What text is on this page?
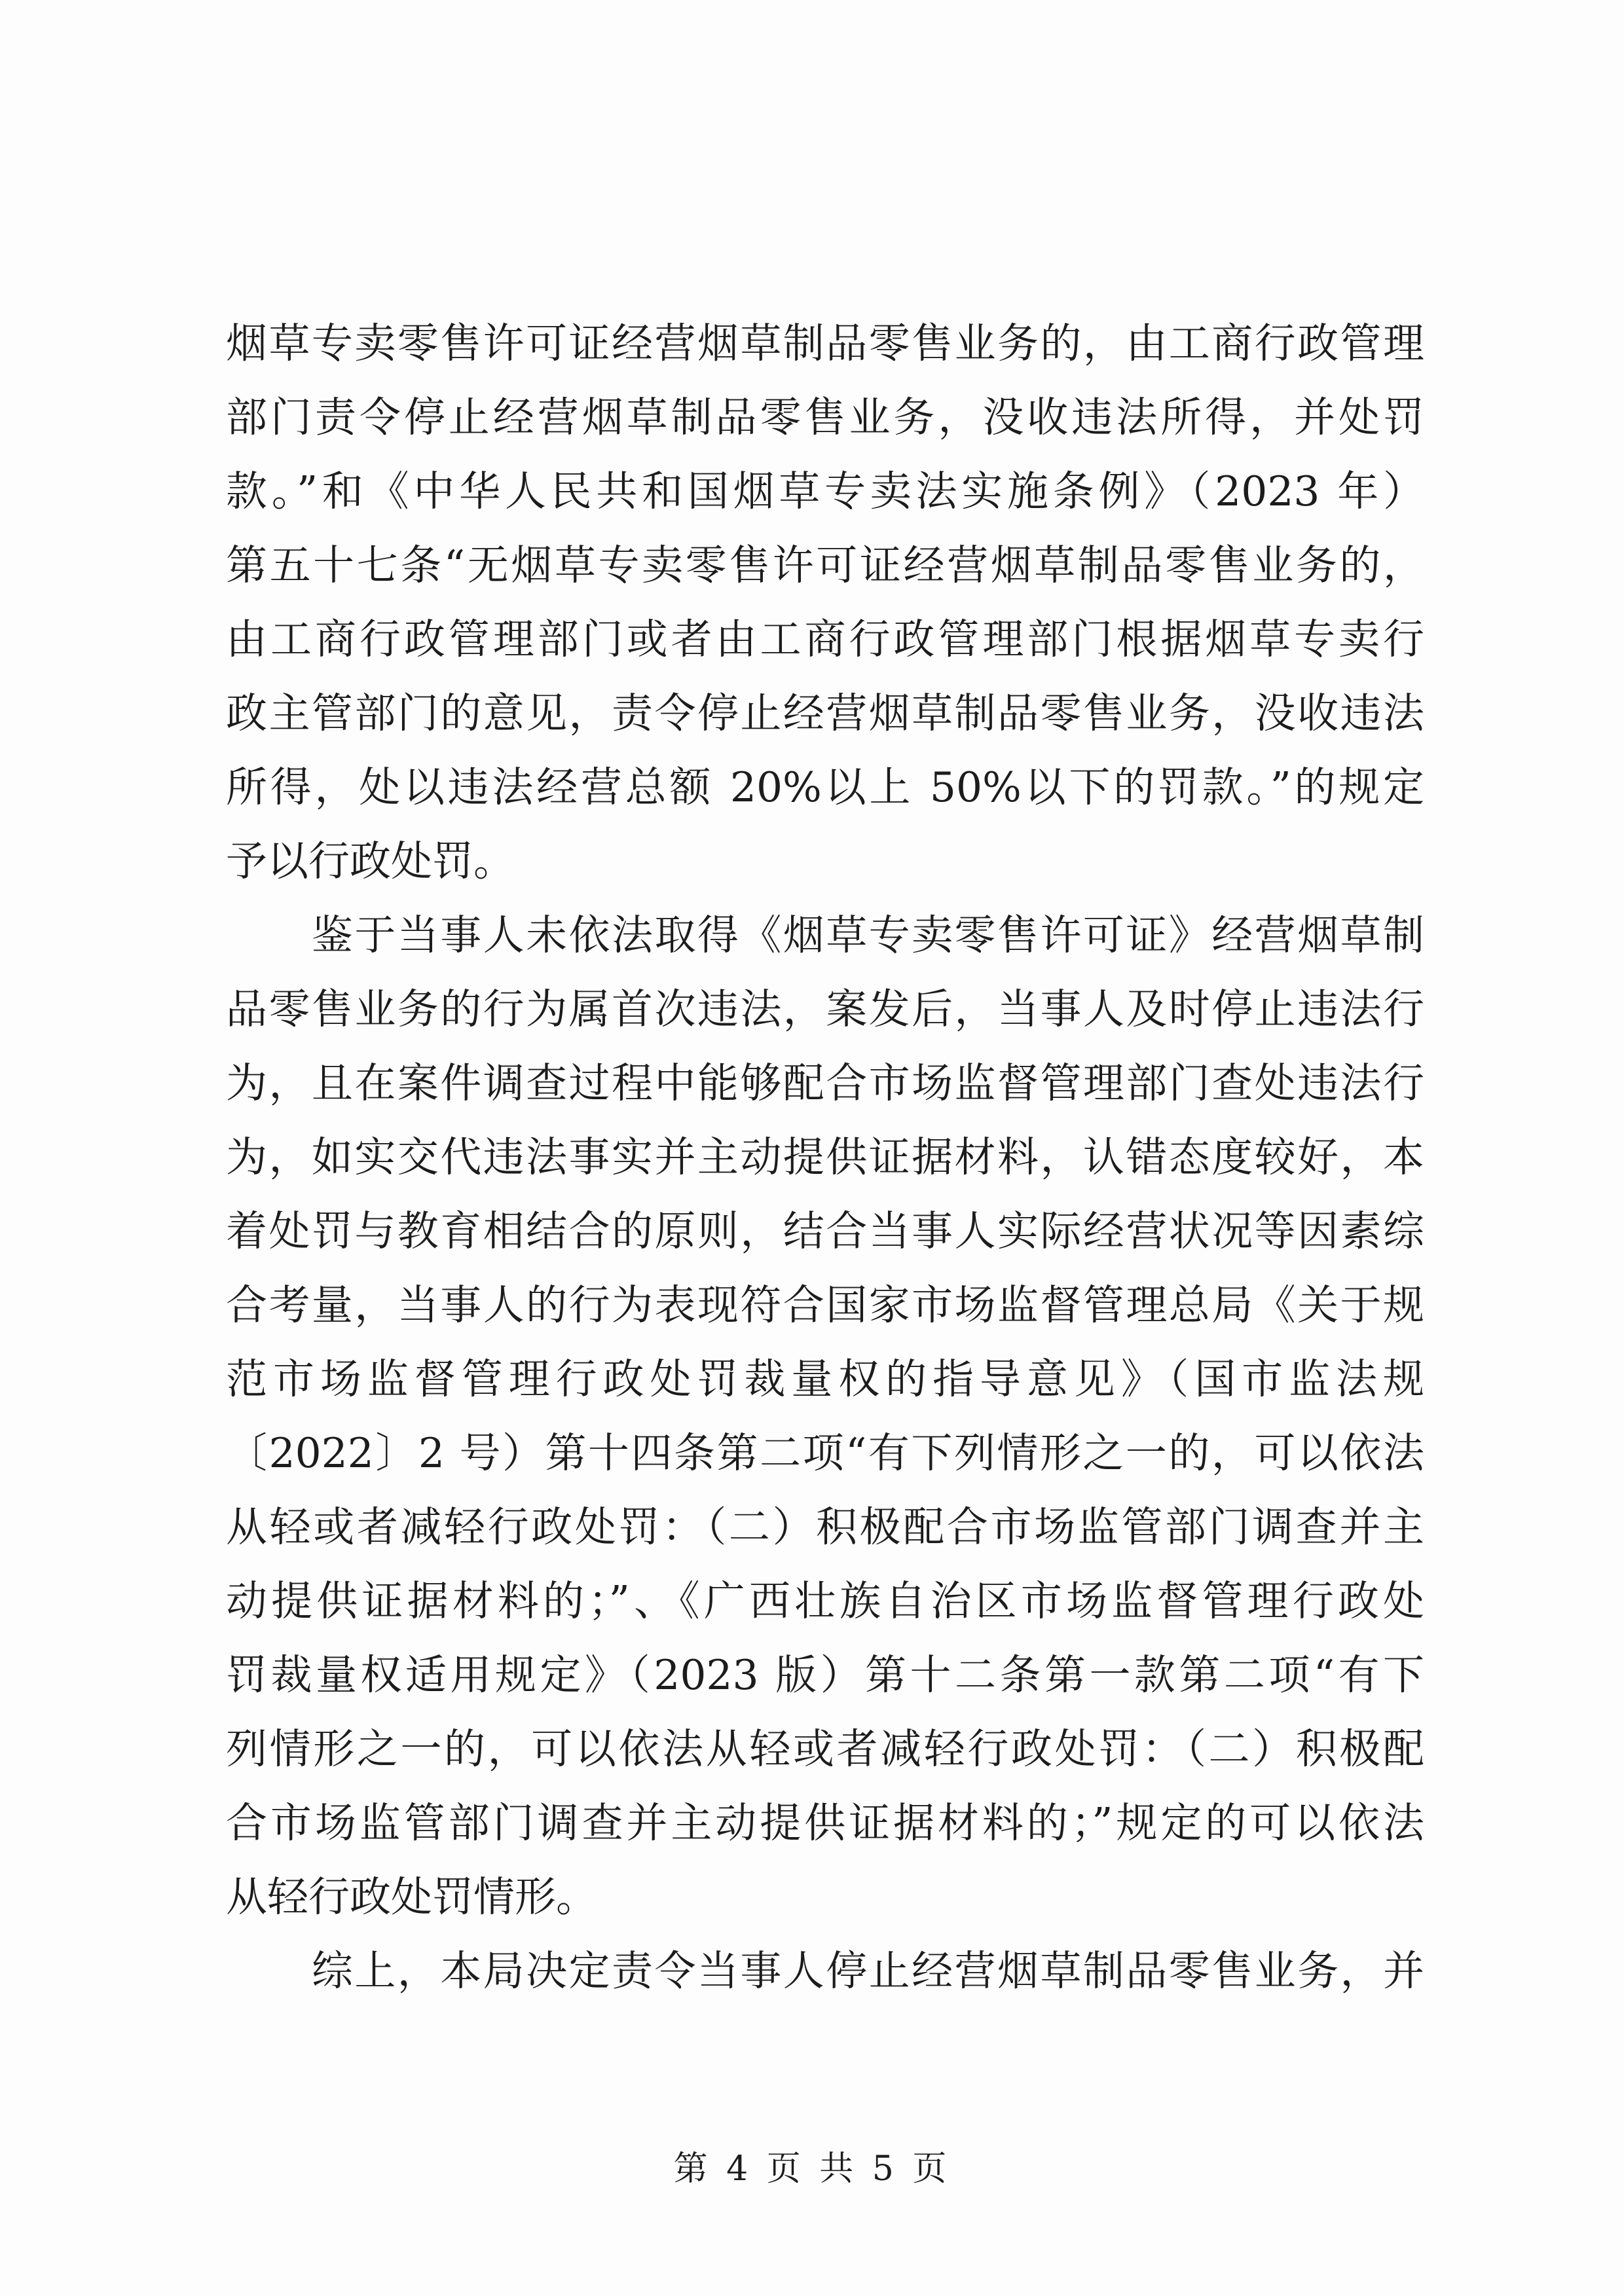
烟草专卖零售许可证经营烟草制品零售业务的，由工商行政管理
部门责令停止经营烟草制品零售业务，没收违法所得，并处罚
款。”和《中华人民共和国烟草专卖法实施条例》（2023 年）
第五十七条“无烟草专卖零售许可证经营烟草制品零售业务的，
由工商行政管理部门或者由工商行政管理部门根据烟草专卖行
政主管部门的意见，责令停止经营烟草制品零售业务，没收违法
所得，处以违法经营总额 20%以上 50%以下的罚款。”的规定
予以行政处罚。
　　鉴于当事人未依法取得《烟草专卖零售许可证》经营烟草制
品零售业务的行为属首次违法，案发后，当事人及时停止违法行
为，且在案件调查过程中能够配合市场监督管理部门查处违法行
为，如实交代违法事实并主动提供证据材料，认错态度较好，本
着处罚与教育相结合的原则，结合当事人实际经营状况等因素综
合考量，当事人的行为表现符合国家市场监督管理总局《关于规
范市场监督管理行政处罚裁量权的指导意见》（国市监法规
〔2022〕2 号）第十四条第二项“有下列情形之一的，可以依法
从轻或者减轻行政处罚：（二）积极配合市场监管部门调查并主
动提供证据材料的；”、《广西壮族自治区市场监督管理行政处
罚裁量权适用规定》（2023 版）第十二条第一款第二项“有下
列情形之一的，可以依法从轻或者减轻行政处罚：（二）积极配
合市场监管部门调查并主动提供证据材料的；”规定的可以依法
从轻行政处罚情形。
　　综上，本局决定责令当事人停止经营烟草制品零售业务，并
第 4 页 共 5 页
